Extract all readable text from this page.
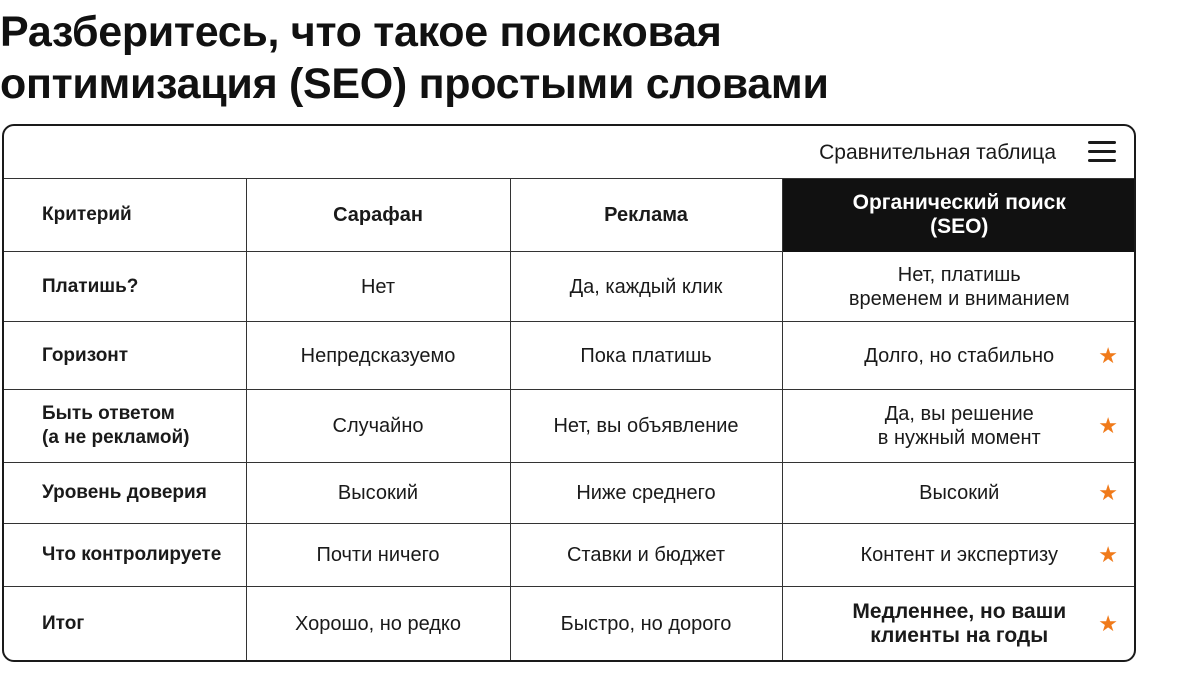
Разберитесь, что такое поисковая
оптимизация (SEO) простыми словами
Сравнительная таблица
Критерий	Сарафан	Реклама	Органический поиск
(SEO)

Платишь?	Нет	Да, каждый клик	Нет, платишь
временем и вниманием

Горизонт	Непредсказуемо	Пока платишь	Долго, но стабильно ★

Быть ответом
(а не рекламой)	Случайно	Нет, вы объявление	Да, вы решение
в нужный момент ★

Уровень доверия	Высокий	Ниже среднего	Высокий ★

Что контролируете	Почти ничего	Ставки и бюджет	Контент и экспертизу ★

Итог	Хорошо, но редко	Быстро, но дорого	Медленнее, но ваши
клиенты на годы ★
